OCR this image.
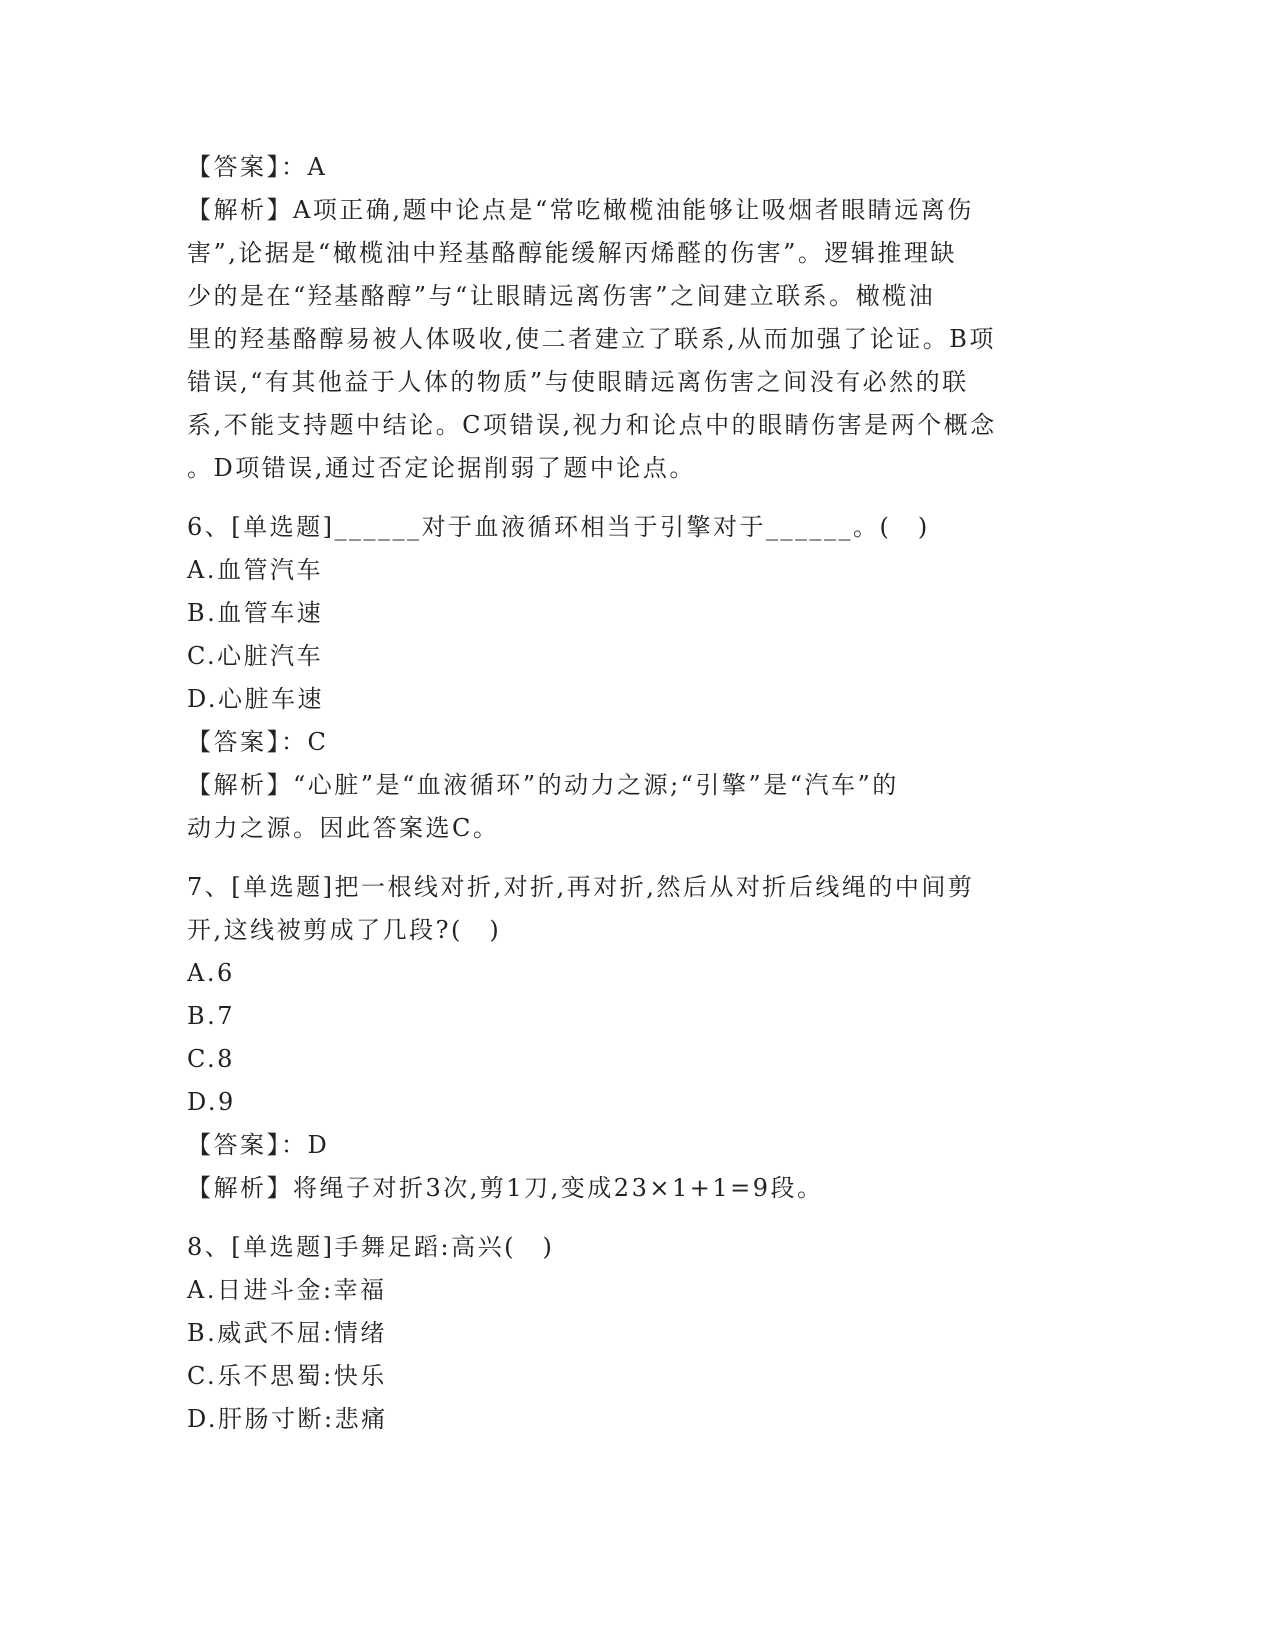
【答案】：A
【解析】A项正确,题中论点是“常吃橄榄油能够让吸烟者眼睛远离伤
害”,论据是“橄榄油中羟基酪醇能缓解丙烯醛的伤害”。逻辑推理缺
少的是在“羟基酪醇”与“让眼睛远离伤害”之间建立联系。橄榄油
里的羟基酪醇易被人体吸收,使二者建立了联系,从而加强了论证。B项
错误,“有其他益于人体的物质”与使眼睛远离伤害之间没有必然的联
系,不能支持题中结论。C项错误,视力和论点中的眼睛伤害是两个概念
。D项错误,通过否定论据削弱了题中论点。
6、[单选题]______对于血液循环相当于引擎对于______。(　)
A.血管汽车
B.血管车速
C.心脏汽车
D.心脏车速
【答案】：C
【解析】“心脏”是“血液循环”的动力之源;“引擎”是“汽车”的
动力之源。因此答案选C。
7、[单选题]把一根线对折,对折,再对折,然后从对折后线绳的中间剪
开,这线被剪成了几段?(　)
A.6
B.7
C.8
D.9
【答案】：D
【解析】将绳子对折3次,剪1刀,变成23×1+1=9段。
8、[单选题]手舞足蹈:高兴(　)
A.日进斗金:幸福
B.威武不屈:情绪
C.乐不思蜀:快乐
D.肝肠寸断:悲痛
